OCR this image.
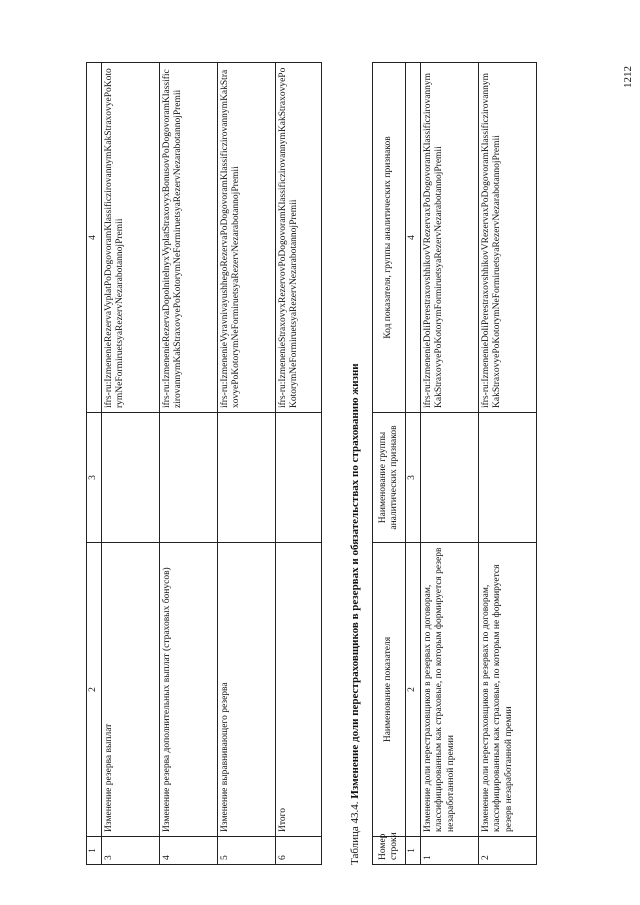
1212
1	2	3	4
3	Изменение резерва выплат		ifrs-ru:IzmenenieRezervaVyplatPoDogovoramKlassificzirovannymKakStraxovyePoKotorymNeFormiruetsyaRezervNezarabotannojPremii
4	Изменение резерва дополнительных выплат (страховых бонусов)		ifrs-ru:IzmenenieRezervaDopolnitelnyxVyplatStraxovyxBonusovPoDogovoramKlassificzirovannymKakStraxovyePoKotorymNeFormiruetsyaRezervNezarabotannojPremii
5	Изменение выравнивающего резерва		ifrs-ru:IzmenenieVyravnivayushhegoRezervaPoDogovoramKlassificzirovannymKakStraxovyePoKotorymNeFormiruetsyaRezervNezarabotannojPremii
6	Итого		ifrs-ru:IzmenenieStraxovyxRezervovPoDogovoramKlassificzirovannymKakStraxovyePoKotorymNeFormiruetsyaRezervNezarabotannojPremii
Таблица 43.4. Изменение доли перестраховщиков в резервах и обязательствах по страхованию жизни
Номер строки	Наименование показателя	Наименование группы аналитических признаков	Код показателя, группы аналитических признаков
1	2	3	4
1	Изменение доли перестраховщиков в резервах по договорам, классифицированным как страховые, по которым формируется резерв незаработанной премии		ifrs-ru:IzmenenieDoliPerestraxovshhikovVRezervaxPoDogovoramKlassificzirovannymKakStraxovyePoKotorymFormiruetsyaRezervNezarabotannojPremii
2	Изменение доли перестраховщиков в резервах по договорам, классифицированным как страховые, по которым не формируется резерв незаработанной премии		ifrs-ru:IzmenenieDoliPerestraxovshhikovVRezervaxPoDogovoramKlassificzirovannymKakStraxovyePoKotorymNeFormiruetsyaRezervNezarabotannojPremii
